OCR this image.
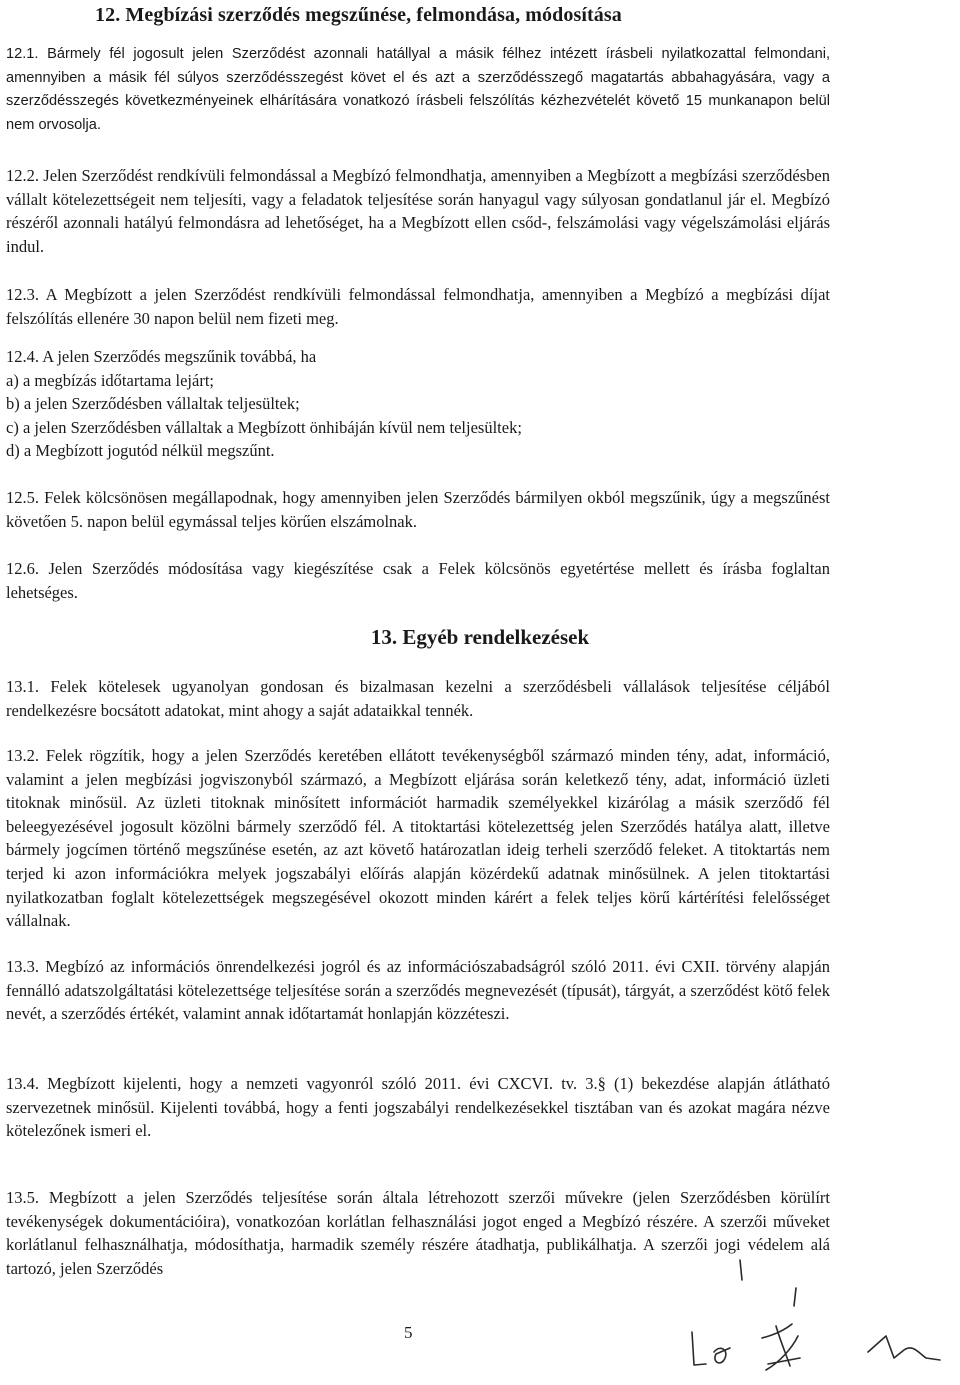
12. Megbízási szerződés megszűnése, felmondása, módosítása
12.1. Bármely fél jogosult jelen Szerződést azonnali hatállyal a másik félhez intézett írásbeli nyilatkozattal felmondani, amennyiben a másik fél súlyos szerződésszegést követ el és azt a szerződésszegő magatartás abbahagyására, vagy a szerződésszegés következményeinek elhárítására vonatkozó írásbeli felszólítás kézhezvételét követő 15 munkanapon belül nem orvosolja.
12.2. Jelen Szerződést rendkívüli felmondással a Megbízó felmondhatja, amennyiben a Megbízott a megbízási szerződésben vállalt kötelezettségeit nem teljesíti, vagy a feladatok teljesítése során hanyagul vagy súlyosan gondatlanul jár el. Megbízó részéről azonnali hatályú felmondásra ad lehetőséget, ha a Megbízott ellen csőd-, felszámolási vagy végelszámolási eljárás indul.
12.3. A Megbízott a jelen Szerződést rendkívüli felmondással felmondhatja, amennyiben a Megbízó a megbízási díjat felszólítás ellenére 30 napon belül nem fizeti meg.
12.4. A jelen Szerződés megszűnik továbbá, ha
a) a megbízás időtartama lejárt;
b) a jelen Szerződésben vállaltak teljesültek;
c) a jelen Szerződésben vállaltak a Megbízott önhibáján kívül nem teljesültek;
d) a Megbízott jogutód nélkül megszűnt.
12.5. Felek kölcsönösen megállapodnak, hogy amennyiben jelen Szerződés bármilyen okból megszűnik, úgy a megszűnést követően 5. napon belül egymással teljes körűen elszámolnak.
12.6. Jelen Szerződés módosítása vagy kiegészítése csak a Felek kölcsönös egyetértése mellett és írásba foglaltan lehetséges.
13. Egyéb rendelkezések
13.1. Felek kötelesek ugyanolyan gondosan és bizalmasan kezelni a szerződésbeli vállalások teljesítése céljából rendelkezésre bocsátott adatokat, mint ahogy a saját adataikkal tennék.
13.2. Felek rögzítik, hogy a jelen Szerződés keretében ellátott tevékenységből származó minden tény, adat, információ, valamint a jelen megbízási jogviszonyból származó, a Megbízott eljárása során keletkező tény, adat, információ üzleti titoknak minősül. Az üzleti titoknak minősített információt harmadik személyekkel kizárólag a másik szerződő fél beleegyezésével jogosult közölni bármely szerződő fél. A titoktartási kötelezettség jelen Szerződés hatálya alatt, illetve bármely jogcímen történő megszűnése esetén, az azt követő határozatlan ideig terheli szerződő feleket. A titoktartás nem terjed ki azon információkra melyek jogszabályi előírás alapján közérdekű adatnak minősülnek. A jelen titoktartási nyilatkozatban foglalt kötelezettségek megszegésével okozott minden kárért a felek teljes körű kártérítési felelősséget vállalnak.
13.3. Megbízó az információs önrendelkezési jogról és az információszabadságról szóló 2011. évi CXII. törvény alapján fennálló adatszolgáltatási kötelezettsége teljesítése során a szerződés megnevezését (típusát), tárgyát, a szerződést kötő felek nevét, a szerződés értékét, valamint annak időtartamát honlapján közzéteszi.
13.4. Megbízott kijelenti, hogy a nemzeti vagyonról szóló 2011. évi CXCVI. tv. 3.§ (1) bekezdése alapján átlátható szervezetnek minősül. Kijelenti továbbá, hogy a fenti jogszabályi rendelkezésekkel tisztában van és azokat magára nézve kötelezőnek ismeri el.
13.5. Megbízott a jelen Szerződés teljesítése során általa létrehozott szerzői művekre (jelen Szerződésben körülírt tevékenységek dokumentációira), vonatkozóan korlátlan felhasználási jogot enged a Megbízó részére. A szerzői műveket korlátlanul felhasználhatja, módosíthatja, harmadik személy részére átadhatja, publikálhatja. A szerzői jogi védelem alá tartozó, jelen Szerződés
5
